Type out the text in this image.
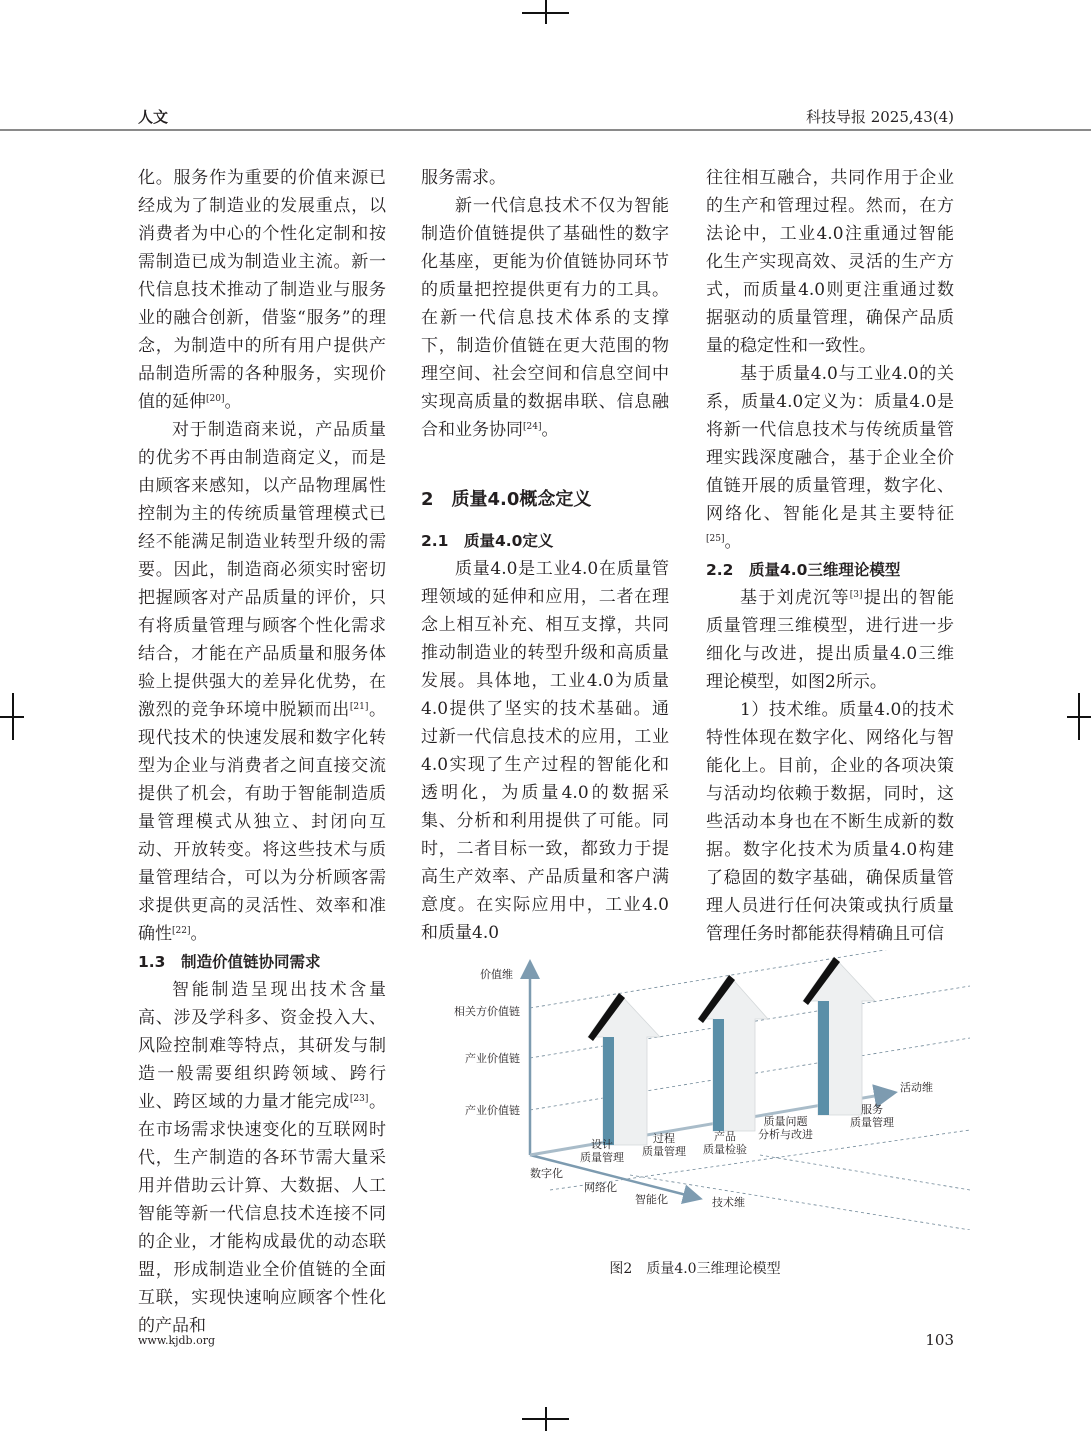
人文	科技导报 2025,43(4)

化。服务作为重要的价值来源已经成为了制造业的发展重点，以消费者为中心的个性化定制和按需制造已成为制造业主流。新一代信息技术推动了制造业与服务业的融合创新，借鉴“服务”的理念，为制造中的所有用户提供产品制造所需的各种服务，实现价值的延伸[20]。

对于制造商来说，产品质量的优劣不再由制造商定义，而是由顾客来感知，以产品物理属性控制为主的传统质量管理模式已经不能满足制造业转型升级的需要。因此，制造商必须实时密切把握顾客对产品质量的评价，只有将质量管理与顾客个性化需求结合，才能在产品质量和服务体验上提供强大的差异化优势，在激烈的竞争环境中脱颖而出[21]。现代技术的快速发展和数字化转型为企业与消费者之间直接交流提供了机会，有助于智能制造质量管理模式从独立、封闭向互动、开放转变。将这些技术与质量管理结合，可以为分析顾客需求提供更高的灵活性、效率和准确性[22]。

1.3　制造价值链协同需求

智能制造呈现出技术含量高、涉及学科多、资金投入大、风险控制难等特点，其研发与制造一般需要组织跨领域、跨行业、跨区域的力量才能完成[23]。在市场需求快速变化的互联网时代，生产制造的各环节需大量采用并借助云计算、大数据、人工智能等新一代信息技术连接不同的企业，才能构成最优的动态联盟，形成制造业全价值链的全面互联，实现快速响应顾客个性化的产品和

服务需求。

新一代信息技术不仅为智能制造价值链提供了基础性的数字化基座，更能为价值链协同环节的质量把控提供更有力的工具。在新一代信息技术体系的支撑下，制造价值链在更大范围的物理空间、社会空间和信息空间中实现高质量的数据串联、信息融合和业务协同[24]。

2　质量4.0概念定义
2.1　质量4.0定义

质量4.0是工业4.0在质量管理领域的延伸和应用，二者在理念上相互补充、相互支撑，共同推动制造业的转型升级和高质量发展。具体地，工业4.0为质量4.0提供了坚实的技术基础。通过新一代信息技术的应用，工业4.0实现了生产过程的智能化和透明化，为质量4.0的数据采集、分析和利用提供了可能。同时，二者目标一致，都致力于提高生产效率、产品质量和客户满意度。在实际应用中，工业4.0和质量4.0

往往相互融合，共同作用于企业的生产和管理过程。然而，在方法论中，工业4.0注重通过智能化生产实现高效、灵活的生产方式，而质量4.0则更注重通过数据驱动的质量管理，确保产品质量的稳定性和一致性。

基于质量4.0与工业4.0的关系，质量4.0定义为：质量4.0是将新一代信息技术与传统质量管理实践深度融合，基于企业全价值链开展的质量管理，数字化、网络化、智能化是其主要特征[25]。

2.2　质量4.0三维理论模型

基于刘虎沉等[3]提出的智能质量管理三维模型，进行进一步细化与改进，提出质量4.0三维理论模型，如图2所示。

1）技术维。质量4.0的技术特性体现在数字化、网络化与智能化上。目前，企业的各项决策与活动均依赖于数据，同时，这些活动本身也在不断生成新的数据。数字化技术为质量4.0构建了稳固的数字基础，确保质量管理人员进行任何决策或执行质量管理任务时都能获得精确且可信

价值维
相关方价值链
产业价值链
产业价值链
活动维
设计
质量管理
过程
质量管理
产品
质量检验
质量问题
分析与改进
服务
质量管理
数字化
网络化
智能化	技术维
图2　质量4.0三维理论模型
www.kjdb.org	103
